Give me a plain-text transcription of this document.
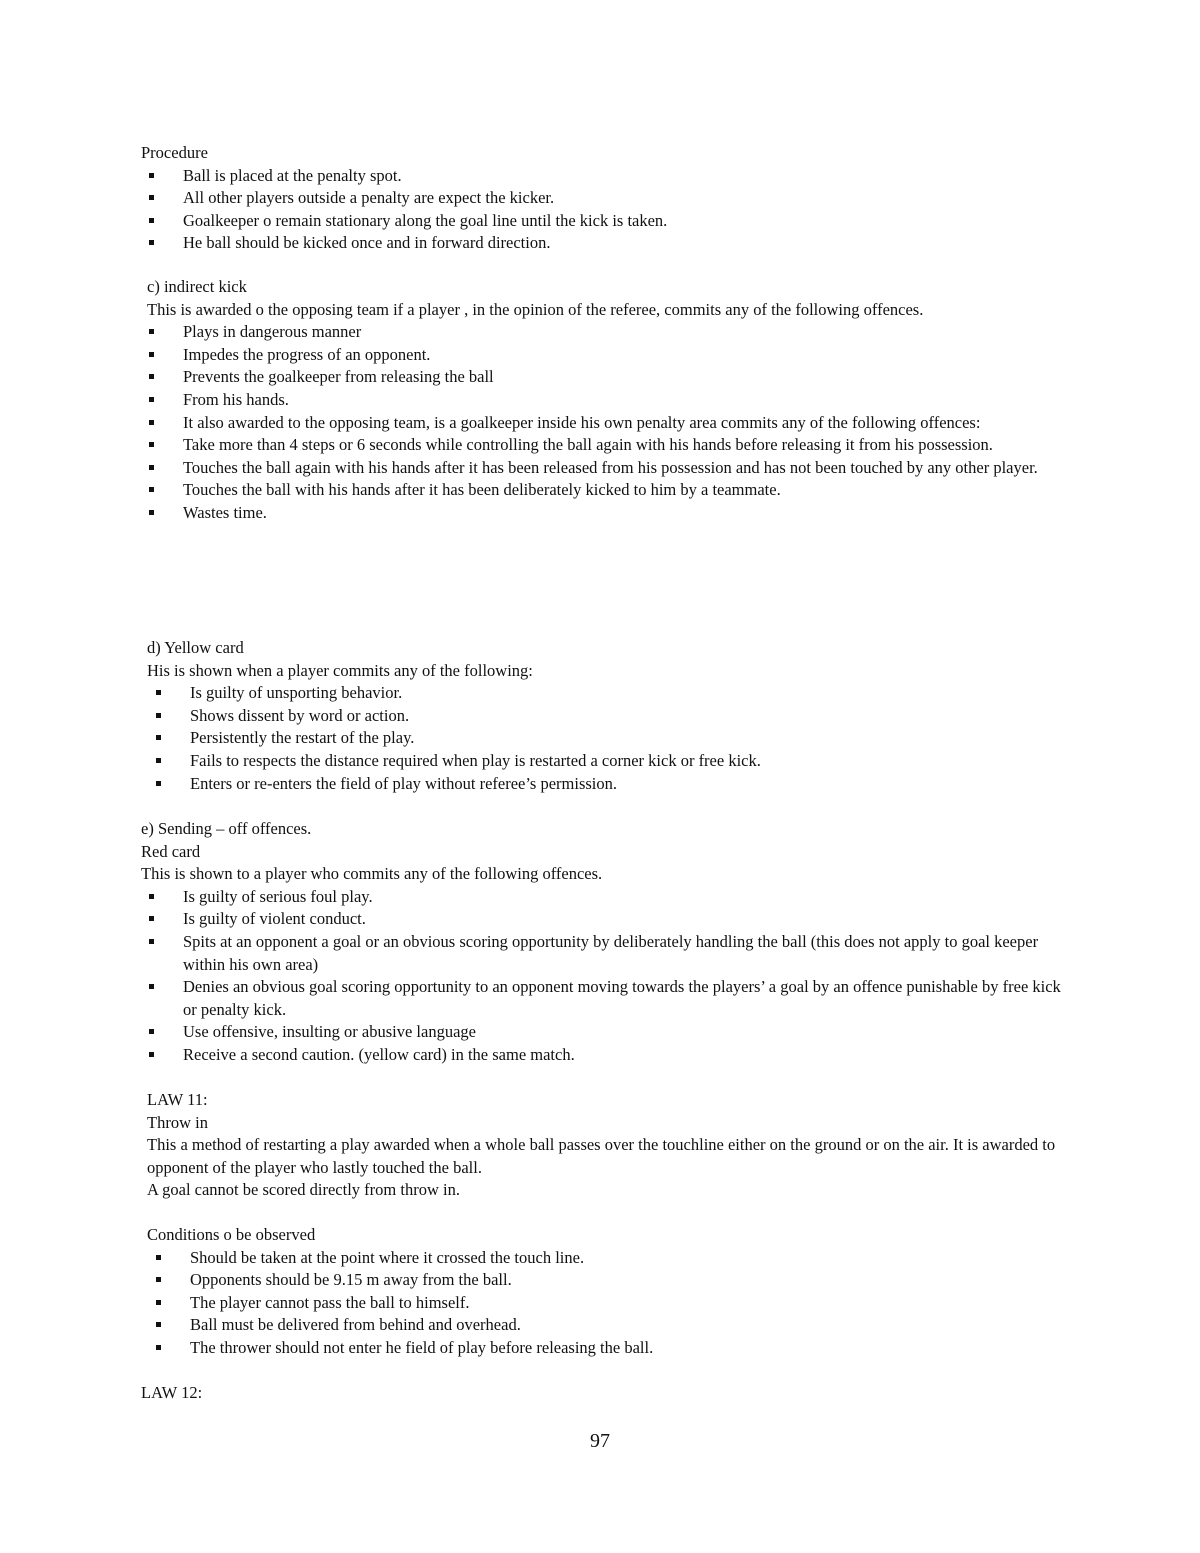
Procedure

Ball is placed at the penalty spot.
All other players outside a penalty are expect the kicker.
Goalkeeper o remain stationary along the goal line until the kick is taken.
He ball should be kicked once and in forward direction.

c) indirect kick

This is awarded o the opposing team if a player , in the opinion of the referee, commits any of the following offences.

Plays in dangerous manner
Impedes the progress of an opponent.
Prevents the goalkeeper from releasing the ball
From his hands.
It also awarded to the opposing team, is a goalkeeper inside his own penalty area commits any of the following offences:
Take more than 4 steps or 6 seconds while controlling the ball again with his hands before releasing it from his possession.
Touches the ball again with his hands after it has been released from his possession and has not been touched by any other player.
Touches the ball with his hands after it has been deliberately kicked to him by a teammate.
Wastes time.

d) Yellow card

His is shown when a player commits any of the following:

Is guilty of unsporting behavior.
Shows dissent by word or action.
Persistently the restart of the play.
Fails to respects the distance required when play is restarted a corner kick or free kick.
Enters or re-enters the field of play without referee’s permission.

e) Sending – off offences.

Red card

This is shown to a player who commits any of the following offences.

Is guilty of serious foul play.
Is guilty of violent conduct.
Spits at an opponent a goal or an obvious scoring opportunity by deliberately handling the ball (this does not apply to goal keeper within his own area)
Denies an obvious goal scoring opportunity to an opponent moving towards the players’ a goal by an offence punishable by free kick or penalty kick.
Use offensive, insulting or abusive language
Receive a second caution. (yellow card) in the same match.

LAW 11:

Throw in

This a method of restarting a play awarded when a whole ball passes over the touchline either on the ground or on the air. It is awarded to opponent of the player who lastly touched the ball.

A goal cannot be scored directly from throw in.

Conditions o be observed

Should be taken at the point where it crossed the touch line.
Opponents should be 9.15 m away from the ball.
The player cannot pass the ball to himself.
Ball must be delivered from behind and overhead.
The thrower should not enter he field of play before releasing the ball.

LAW 12:

97
